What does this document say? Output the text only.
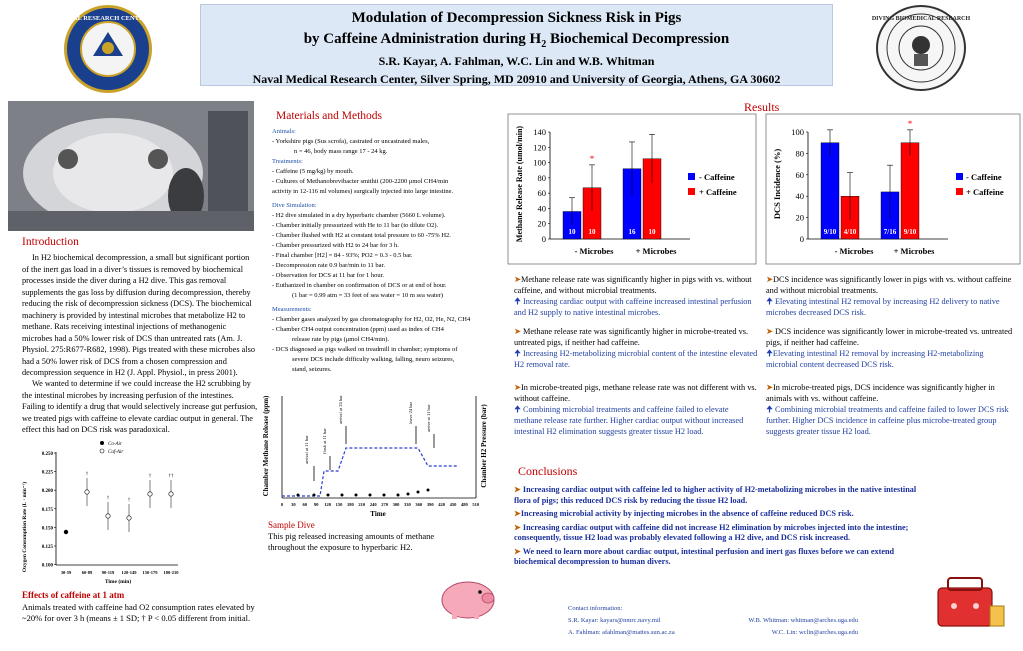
NAVAL MEDICAL RESEARCH CENTER · U.S. NAVY ·	Modulation of Decompression Sickness Risk in Pigs
by Caffeine Administration during $H_2$ Biochemical Decompression
S.R. Kayar, A. Fahlman, W.C. Lin and W.B. Whitman
Naval Medical Research Center, Silver Spring, MD 20910 and University of Georgia, Athens, GA 30602
DIVING BIOMEDICAL RESEARCH
Introduction
In H2 biochemical decompression, a small but significant portion of the inert gas load in a diver’s tissues is removed by biochemical processes inside the diver during a H2 dive. This gas removal supplements the gas loss by diffusion during decompression, thereby reducing the risk of decompression sickness (DCS). The biochemical machinery is provided by intestinal microbes that metabolize H2 to methane. Rats receiving intestinal injections of methanogenic microbes had a 50% lower risk of DCS than untreated rats (Am. J. Physiol. 275:R677-R682, 1998). Pigs treated with these microbes also had a 50% lower risk of DCS from a chosen compression and decompression sequence in H2 (J. Appl. Physiol., in press 2001).
We wanted to determine if we could increase the H2 scrubbing by the intestinal microbes by increasing perfusion of the intestines. Failing to identify a drug that would selectively increase gut perfusion, we treated pigs with caffeine to elevate cardiac output in general. The effect this had on DCS risk was paradoxical.
Oxygen Consumption Rate (L · min⁻¹)
0.250
0.225
0.200
0.175
0.150
0.125
0.100
30-59 60-89 90-119 120-149 150-179 180-210
Co-Air
Caf-Air
†
†	†
†	††
Time (min)
Effects of caffeine at 1 atm
Animals treated with caffeine had O2 consumption rates elevated by ~20% for over 3 h (means ± 1 SD; † P < 0.05 different from initial.
Materials and Methods
Animals:
- Yorkshire pigs (Sus scrofa), castrated or uncastrated males,
n = 46, body mass range 17 - 24 kg.
Treatments:
- Caffeine (5 mg/kg) by mouth.
- Cultures of Methanobrevibacter smithii (200-2200 μmol CH4/min
activity in 12-116 ml volumes) surgically injected into large intestine.
Dive Simulation:
- H2 dive simulated in a dry hyperbaric chamber (5660 L volume).
- Chamber initially pressurized with He to 11 bar (to dilute O2).
- Chamber flushed with H2 at constant total pressure to 60 -75% H2.
- Chamber pressurized with H2 to 24 bar for 3 h.
- Final chamber [H2] = 84 - 93%; PO2 = 0.3 - 0.5 bar.
- Decompression rate 0.9 bar/min to 11 bar.
- Observation for DCS at 11 bar for 1 hour.
- Euthanized in chamber on confirmation of DCS or at end of hour.
(1 bar = 0.99 atm = 33 feet of sea water = 10 m sea water)
Measurements:
- Chamber gases analyzed by gas chromatography for H2, O2, He, N2, CH4
- Chamber CH4 output concentration (ppm) used as index of CH4
release rate by pigs (μmol CH4/min).
- DCS diagnosed as pigs walked on treadmill in chamber; symptoms of
severe DCS include difficulty walking, falling, neuro seizures,
stand, seizures.
Chamber Methane Release (ppm)	Chamber H2 Pressure (bar)
arrival at 11 bar	flush at 11 bar
arrival at 24 bar	leave 24 bar	arrive at 11 bar
0 30 60 90 120 150 180 210 240 270 300 330 360 390 420 450 480 510
Time
Sample Dive
This pig released increasing amounts of methane throughout the exposure to hyperbaric H2.
Results
Methane Release Rate (umol/min) 140
120
100
80
60
40
20
0
10 10	16 10
*
- Microbes	+ Microbes
- Caffeine
+ Caffeine	DCS Incidence (%)
100
80
60
40
20
0
9/10 4/10	7/16 9/10
*
- Microbes + Microbes
- Caffeine
+ Caffeine
➤Methane release rate was significantly higher in pigs with vs. without caffeine, and without microbial treatments.
🠉 Increasing cardiac output with caffeine increased intestinal perfusion and H2 supply to native intestinal microbes.
➤DCS incidence was significantly lower in pigs with vs. without caffeine and without microbial treatments.
🠉 Elevating intestinal H2 removal by increasing H2 delivery to native microbes decreased DCS risk.
➤ Methane release rate was significantly higher in microbe-treated vs. untreated pigs, if neither had caffeine.
🠉 Increasing H2-metabolizing microbial content of the intestine elevated H2 removal rate.
➤ DCS incidence was significantly lower in microbe-treated vs. untreated pigs, if neither had caffeine.
🠉Elevating intestinal H2 removal by increasing H2-metabolizing microbial content decreased DCS risk.
➤In microbe-treated pigs, methane release rate was not different with vs. without caffeine.
🠉 Combining microbial treatments and caffeine failed to elevate methane release rate further. Higher cardiac output without increased intestinal H2 elimination suggests greater tissue H2 load.
➤In microbe-treated pigs, DCS incidence was significantly higher in animals with vs. without caffeine.
🠉 Combining microbial treatments and caffeine failed to lower DCS risk further. Higher DCS incidence in caffeine plus microbe-treated group suggests greater tissue H2 load.
Conclusions
➤ Increasing cardiac output with caffeine led to higher activity of H2-metabolizing microbes in the native intestinal flora of pigs; this reduced DCS risk by reducing the tissue H2 load.
➤Increasing microbial activity by injecting microbes in the absence of caffeine reduced DCS risk.
➤ Increasing cardiac output with caffeine did not increase H2 elimination by microbes injected into the intestine; consequently, tissue H2 load was probably elevated following a H2 dive, and DCS risk increased.
➤ We need to learn more about cardiac output, intestinal perfusion and inert gas fluxes before we can extend biochemical decompression to human divers.
Contact information:
S.R. Kayar: kayars@nmrc.navy.mil	W.B. Whitman: whitman@arches.uga.edu
A. Fahlman: afahlman@mattes.sun.ac.za	W.C. Lin: wclin@arches.uga.edu
